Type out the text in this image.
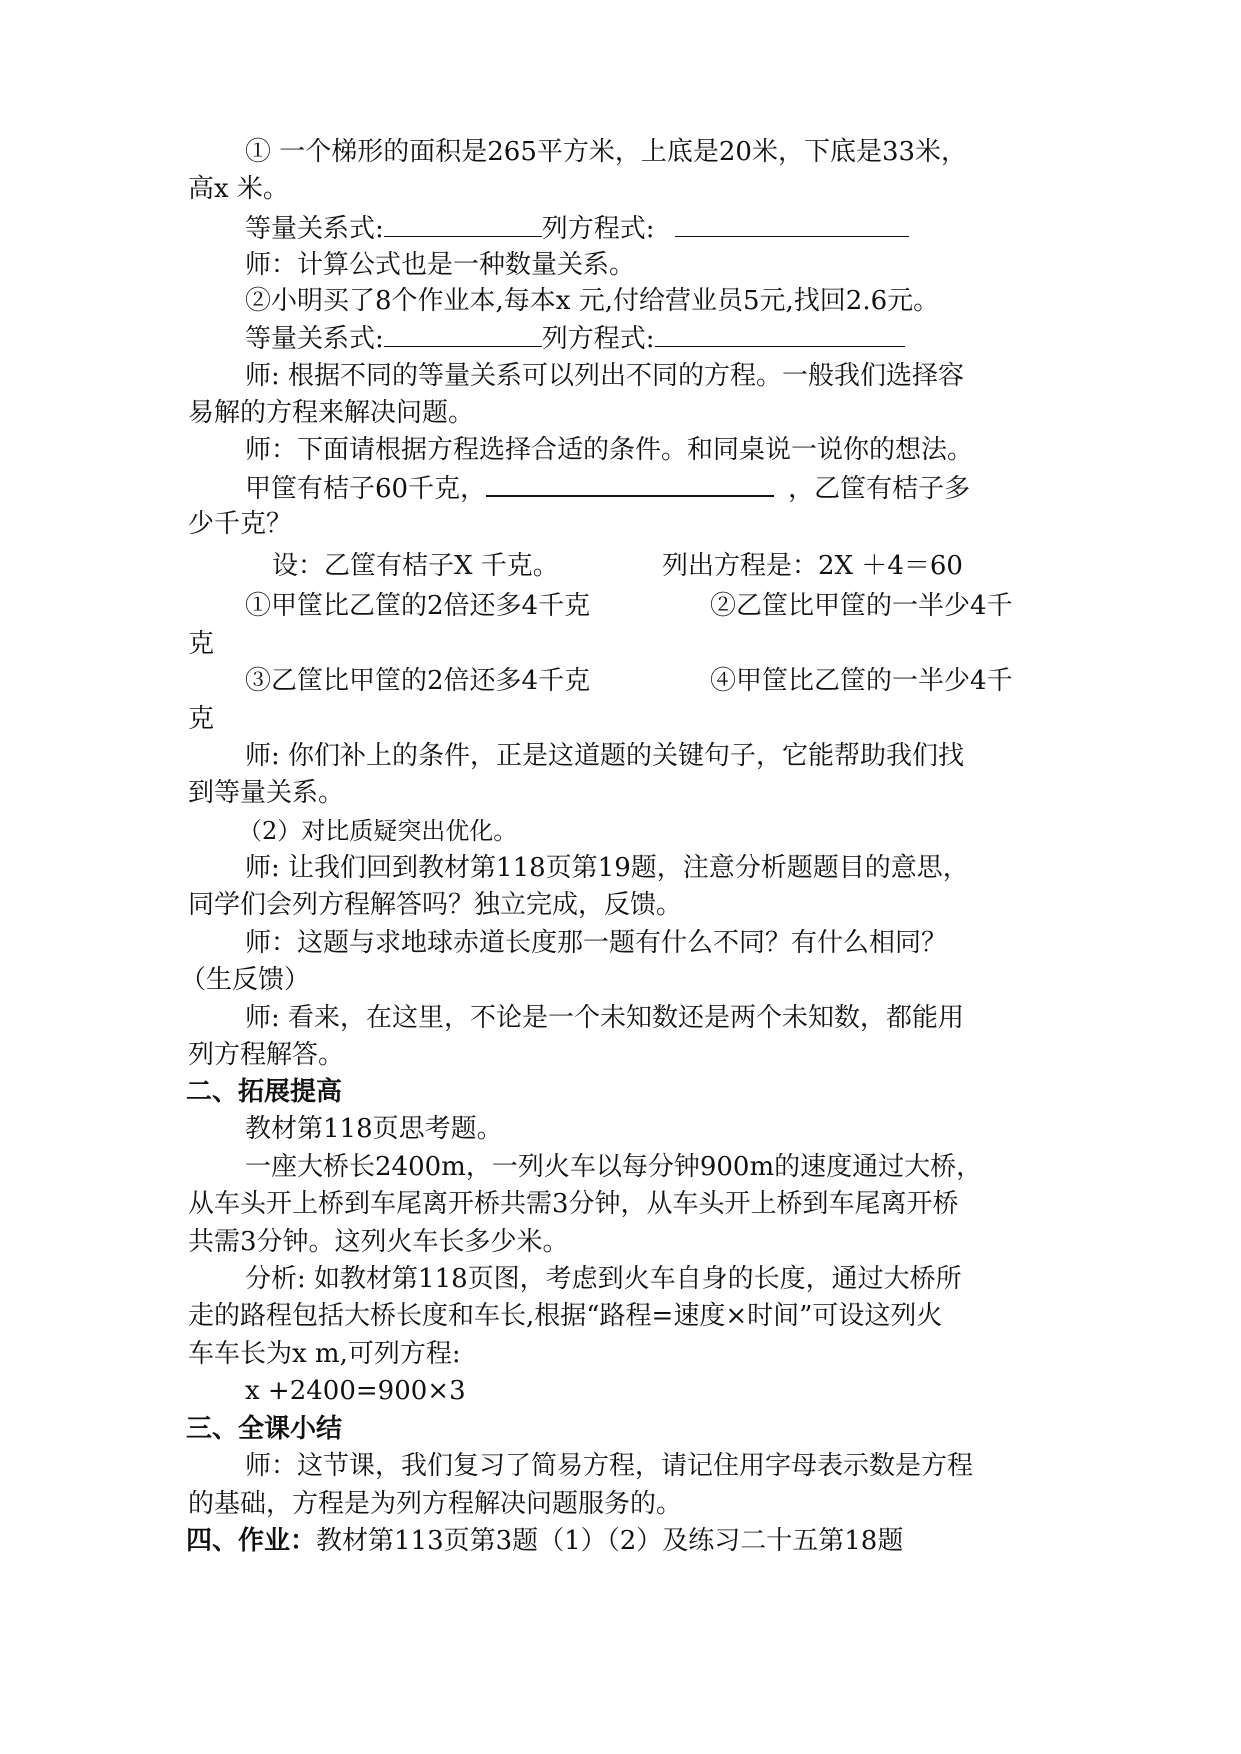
① 一个梯形的面积是265平方米，上底是20米，下底是33米，
高x 米。
等量关系式:	列方程式:
师：计算公式也是一种数量关系。
②小明买了8个作业本,每本x 元,付给营业员5元,找回2.6元。
等量关系式:	列方程式:
师: 根据不同的等量关系可以列出不同的方程。一般我们选择容
易解的方程来解决问题。
师：下面请根据方程选择合适的条件。和同桌说一说你的想法。
甲筐有桔子60千克，	，乙筐有桔子多
少千克？
设：乙筐有桔子X 千克。	列出方程是：2X ＋4＝60
①甲筐比乙筐的2倍还多4千克	②乙筐比甲筐的一半少4千
克
③乙筐比甲筐的2倍还多4千克	④甲筐比乙筐的一半少4千
克
师: 你们补上的条件，正是这道题的关键句子，它能帮助我们找
到等量关系。
（2）对比质疑突出优化。
师: 让我们回到教材第118页第19题，注意分析题题目的意思，
同学们会列方程解答吗？独立完成，反馈。
师：这题与求地球赤道长度那一题有什么不同？有什么相同？
（生反馈）
师: 看来，在这里，不论是一个未知数还是两个未知数，都能用
列方程解答。
二、拓展提高
教材第118页思考题。
一座大桥长2400m，一列火车以每分钟900m的速度通过大桥，
从车头开上桥到车尾离开桥共需3分钟，从车头开上桥到车尾离开桥
共需3分钟。这列火车长多少米。
分析: 如教材第118页图，考虑到火车自身的长度，通过大桥所
走的路程包括大桥长度和车长,根据“路程=速度×时间”可设这列火
车车长为x m,可列方程:
x +2400=900×3
三、全课小结
师：这节课，我们复习了简易方程，请记住用字母表示数是方程
的基础，方程是为列方程解决问题服务的。
四、作业：教材第113页第3题（1）（2）及练习二十五第18题
